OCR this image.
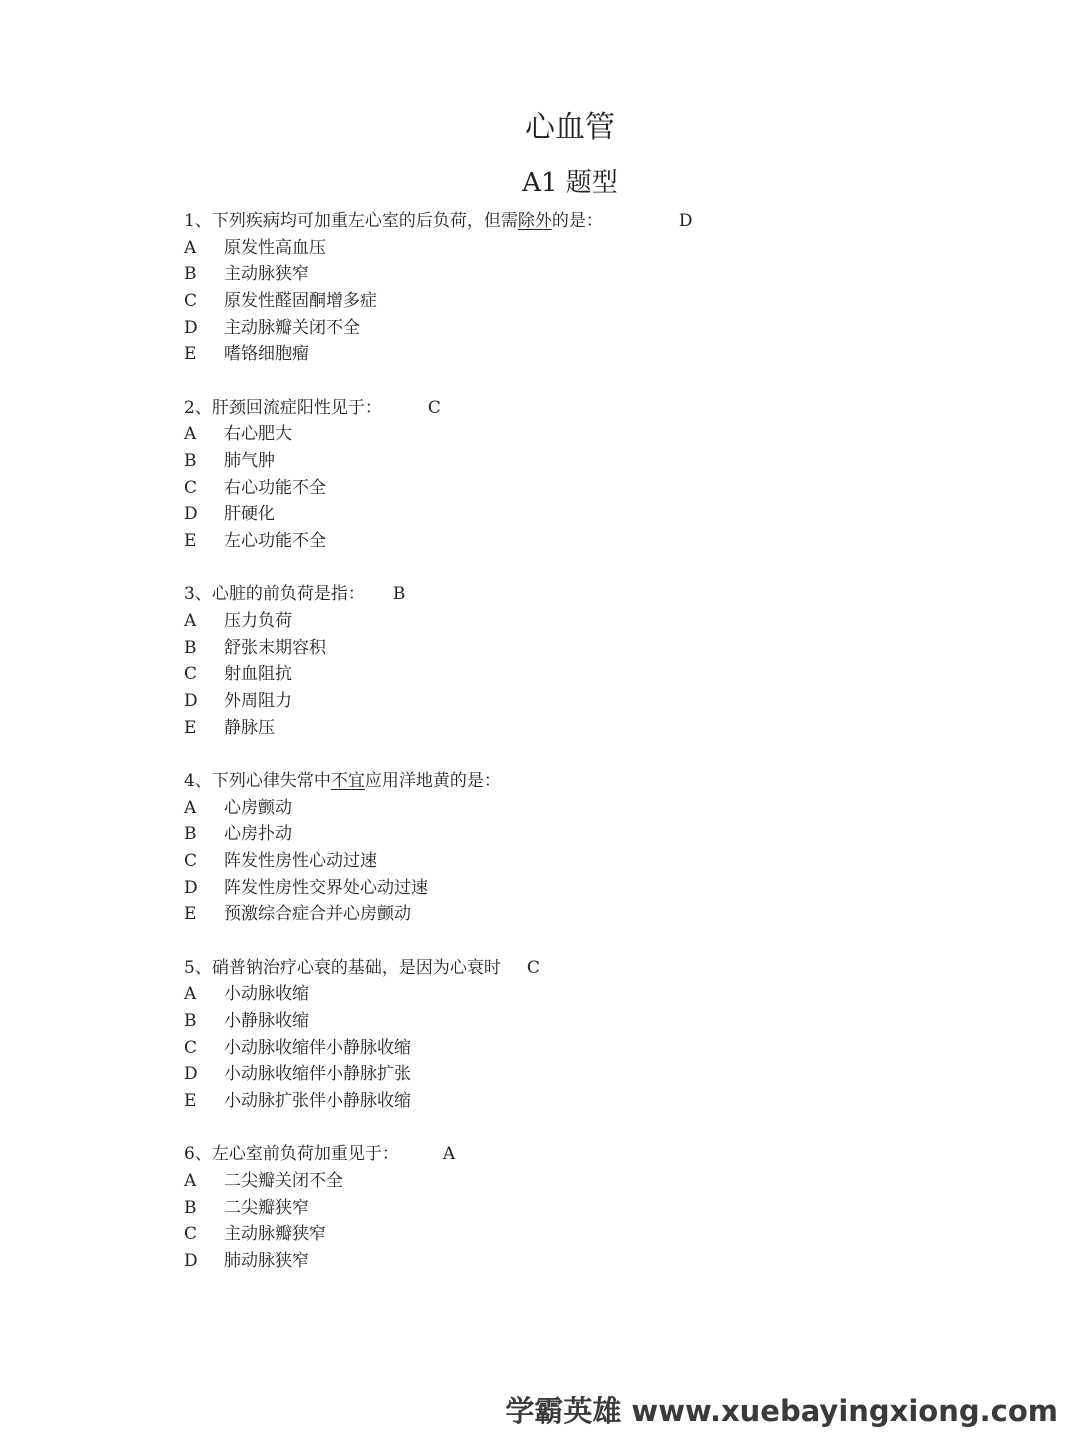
心血管
A1 题型
1、下列疾病均可加重左心室的后负荷，但需除外的是：	D
A 原发性高血压
B 主动脉狭窄
C 原发性醛固酮增多症
D 主动脉瓣关闭不全
E 嗜铬细胞瘤
2、肝颈回流症阳性见于：	C
A 右心肥大
B 肺气肿
C 右心功能不全
D 肝硬化
E 左心功能不全
3、心脏的前负荷是指： B
A 压力负荷
B 舒张末期容积
C 射血阻抗
D 外周阻力
E 静脉压
4、下列心律失常中不宜应用洋地黄的是：
A 心房颤动
B 心房扑动
C 阵发性房性心动过速
D 阵发性房性交界处心动过速
E 预激综合症合并心房颤动
5、硝普钠治疗心衰的基础，是因为心衰时 C
A 小动脉收缩
B 小静脉收缩
C 小动脉收缩伴小静脉收缩
D 小动脉收缩伴小静脉扩张
E 小动脉扩张伴小静脉收缩
6、左心室前负荷加重见于：	A
A 二尖瓣关闭不全
B 二尖瓣狭窄
C 主动脉瓣狭窄
D 肺动脉狭窄
学霸英雄 www.xuebayingxiong.com
